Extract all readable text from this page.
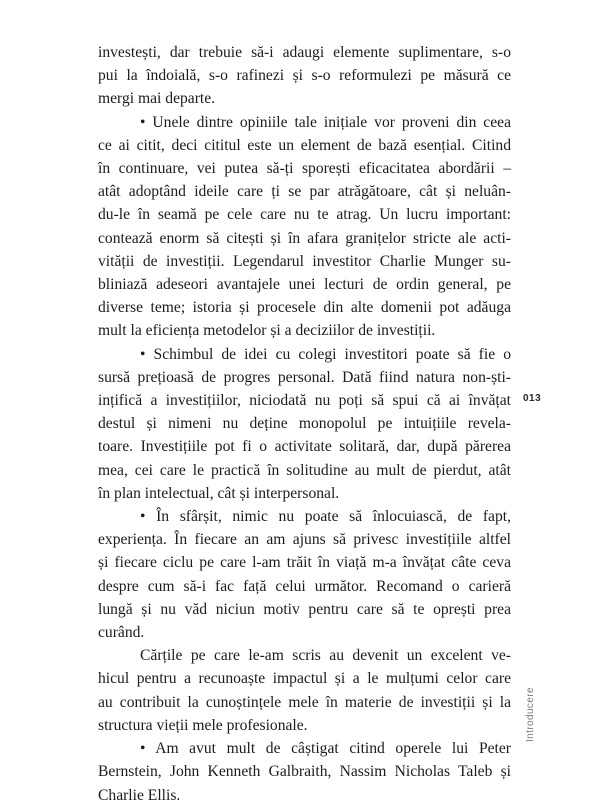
investești, dar trebuie să-i adaugi elemente suplimentare, s-o
pui la îndoială, s-o rafinezi și s-o reformulezi pe măsură ce
mergi mai departe.
• Unele dintre opiniile tale inițiale vor proveni din ceea
ce ai citit, deci cititul este un element de bază esențial. Citind
în continuare, vei putea să-ți sporești eficacitatea abordării –
atât adoptând ideile care ți se par atrăgătoare, cât și neluân-
du-le în seamă pe cele care nu te atrag. Un lucru important:
contează enorm să citești și în afara granițelor stricte ale acti-
vității de investiții. Legendarul investitor Charlie Munger su-
bliniază adeseori avantajele unei lecturi de ordin general, pe
diverse teme; istoria și procesele din alte domenii pot adăuga
mult la eficiența metodelor și a deciziilor de investiții.
• Schimbul de idei cu colegi investitori poate să fie o
sursă prețioasă de progres personal. Dată fiind natura non-ști-
ințifică a investițiilor, niciodată nu poți să spui că ai învățat
destul și nimeni nu deține monopolul pe intuițiile revela-
toare. Investițiile pot fi o activitate solitară, dar, după părerea
mea, cei care le practică în solitudine au mult de pierdut, atât
în plan intelectual, cât și interpersonal.
• În sfârșit, nimic nu poate să înlocuiască, de fapt,
experiența. În fiecare an am ajuns să privesc investițiile altfel
și fiecare ciclu pe care l-am trăit în viață m-a învățat câte ceva
despre cum să-i fac față celui următor. Recomand o carieră
lungă și nu văd niciun motiv pentru care să te oprești prea
curând.
Cărțile pe care le-am scris au devenit un excelent ve-
hicul pentru a recunoaște impactul și a le mulțumi celor care
au contribuit la cunoștințele mele în materie de investiții și la
structura vieții mele profesionale.
• Am avut mult de câștigat citind operele lui Peter
Bernstein, John Kenneth Galbraith, Nassim Nicholas Taleb și
Charlie Ellis.
013
Introducere
